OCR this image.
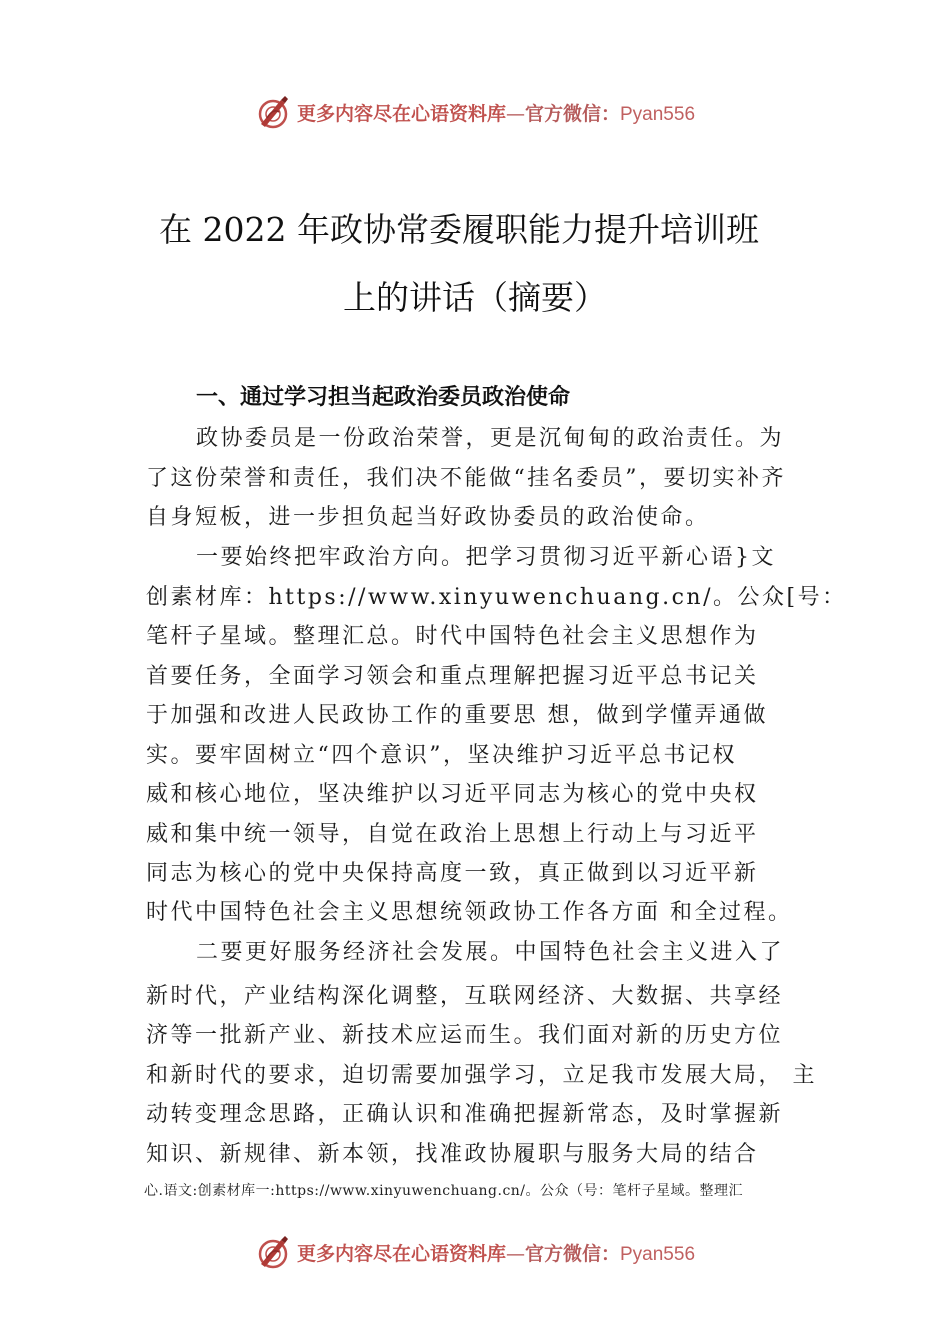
更多内容尽在心语资料库—官方微信：Pyan556
在 2022 年政协常委履职能力提升培训班
上的讲话（摘要）
一、通过学习担当起政治委员政治使命
政协委员是一份政治荣誉，更是沉甸甸的政治责任。为
了这份荣誉和责任，我们决不能做“挂名委员”，要切实补齐
自身短板，进一步担负起当好政协委员的政治使命。
一要始终把牢政治方向。把学习贯彻习近平新心语}文
创素材库：https://www.xinyuwenchuang.cn/。公众[号：
笔杆子星域。整理汇总。时代中国特色社会主义思想作为
首要任务，全面学习领会和重点理解把握习近平总书记关
于加强和改进人民政协工作的重要思 想，做到学懂弄通做
实。要牢固树立“四个意识”，坚决维护习近平总书记权
威和核心地位，坚决维护以习近平同志为核心的党中央权
威和集中统一领导，自觉在政治上思想上行动上与习近平
同志为核心的党中央保持高度一致，真正做到以习近平新
时代中国特色社会主义思想统领政协工作各方面 和全过程。
二要更好服务经济社会发展。中国特色社会主义进入了
新时代，产业结构深化调整，互联网经济、大数据、共享经
济等一批新产业、新技术应运而生。我们面对新的历史方位
和新时代的要求，迫切需要加强学习，立足我市发展大局， 主
动转变理念思路，正确认识和准确把握新常态，及时掌握新
知识、新规律、新本领，找准政协履职与服务大局的结合
心.语文:创素材库一:https://www.xinyuwenchuang.cn/。公众（号：笔杆子星域。整理汇
更多内容尽在心语资料库—官方微信：Pyan556
